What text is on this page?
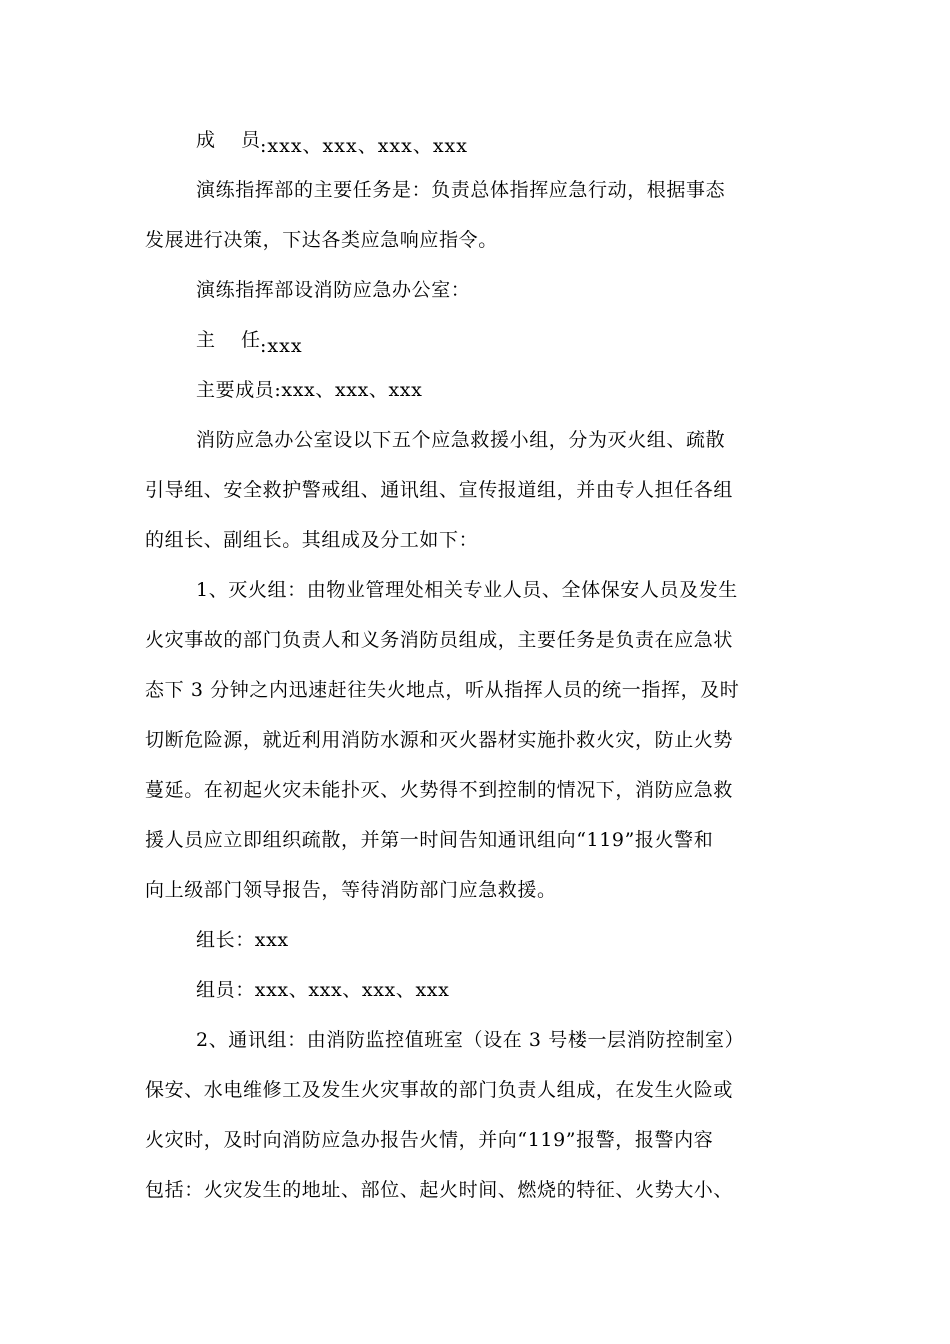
成 员 :xxx、xxx、xxx、xxx
演练指挥部的主要任务是：负责总体指挥应急行动，根据事态
发展进行决策，下达各类应急响应指令。
演练指挥部设消防应急办公室：
主 任 :xxx
主要成员:xxx、xxx、xxx
消防应急办公室设以下五个应急救援小组，分为灭火组、疏散
引导组、安全救护警戒组、通讯组、宣传报道组，并由专人担任各组
的组长、副组长。其组成及分工如下：
1、灭火组：由物业管理处相关专业人员、全体保安人员及发生
火灾事故的部门负责人和义务消防员组成，主要任务是负责在应急状
态下 3 分钟之内迅速赶往失火地点，听从指挥人员的统一指挥，及时
切断危险源，就近利用消防水源和灭火器材实施扑救火灾，防止火势
蔓延。在初起火灾未能扑灭、火势得不到控制的情况下，消防应急救
援人员应立即组织疏散，并第一时间告知通讯组向“119”报火警和
向上级部门领导报告，等待消防部门应急救援。
组长：xxx
组员：xxx、xxx、xxx、xxx
2、通讯组：由消防监控值班室（设在 3 号楼一层消防控制室）
保安、水电维修工及发生火灾事故的部门负责人组成，在发生火险或
火灾时，及时向消防应急办报告火情，并向“119”报警，报警内容
包括：火灾发生的地址、部位、起火时间、燃烧的特征、火势大小、
